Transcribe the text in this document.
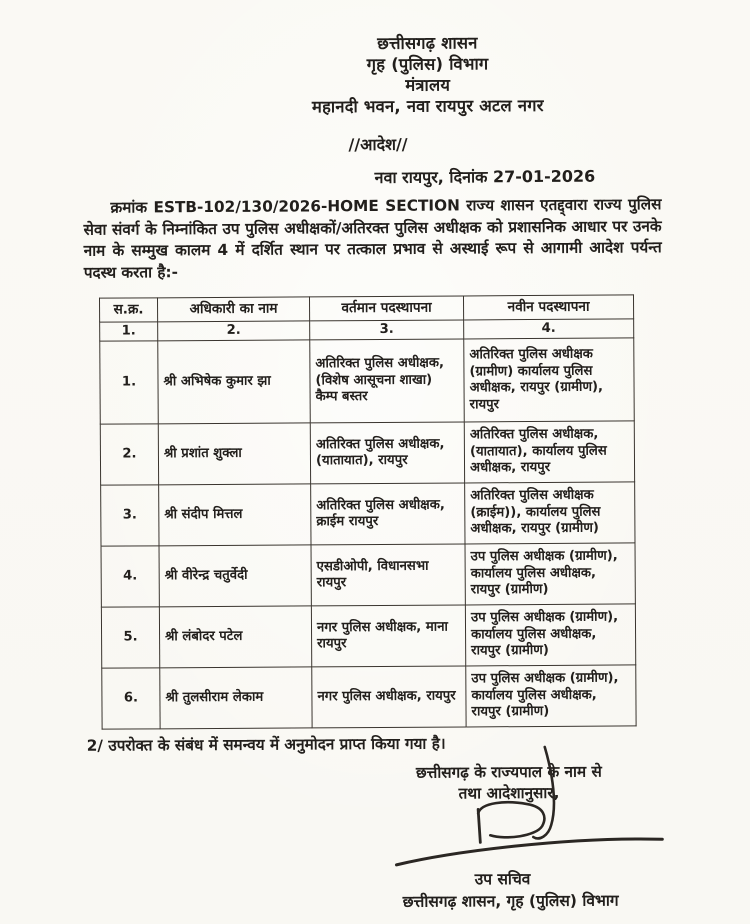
छत्तीसगढ़ शासन
गृह (पुलिस) विभाग
मंत्रालय
महानदी भवन, नवा रायपुर अटल नगर
//आदेश//
नवा रायपुर, दिनांक 27-01-2026
क्रमांक ESTB-102/130/2026-HOME SECTION राज्य शासन एतद्द्वारा राज्य पुलिस सेवा संवर्ग के निम्नांकित उप पुलिस अधीक्षकों/अतिरक्त पुलिस अधीक्षक को प्रशासनिक आधार पर उनके नाम के सम्मुख कालम 4 में दर्शित स्थान पर तत्काल प्रभाव से अस्थाई रूप से आगामी आदेश पर्यन्त पदस्थ करता है:-
स.क्र.	अधिकारी का नाम	वर्तमान पदस्थापना	नवीन पदस्थापना
1.	2.	3.	4.
1.	श्री अभिषेक कुमार झा	अतिरिक्त पुलिस अधीक्षक, (विशेष आसूचना शाखा) कैम्प बस्तर	अतिरिक्त पुलिस अधीक्षक (ग्रामीण) कार्यालय पुलिस अधीक्षक, रायपुर (ग्रामीण), रायपुर
2.	श्री प्रशांत शुक्ला	अतिरिक्त पुलिस अधीक्षक, (यातायात), रायपुर	अतिरिक्त पुलिस अधीक्षक, (यातायात), कार्यालय पुलिस अधीक्षक, रायपुर
3.	श्री संदीप मित्तल	अतिरिक्त पुलिस अधीक्षक, क्राईम रायपुर	अतिरिक्त पुलिस अधीक्षक (क्राईम)), कार्यालय पुलिस अधीक्षक, रायपुर (ग्रामीण)
4.	श्री वीरेन्द्र चतुर्वेदी	एसडीओपी, विधानसभा रायपुर	उप पुलिस अधीक्षक (ग्रामीण), कार्यालय पुलिस अधीक्षक, रायपुर (ग्रामीण)
5.	श्री लंबोदर पटेल	नगर पुलिस अधीक्षक, माना रायपुर	उप पुलिस अधीक्षक (ग्रामीण), कार्यालय पुलिस अधीक्षक, रायपुर (ग्रामीण)
6.	श्री तुलसीराम लेकाम	नगर पुलिस अधीक्षक, रायपुर	उप पुलिस अधीक्षक (ग्रामीण), कार्यालय पुलिस अधीक्षक, रायपुर (ग्रामीण)
2/ उपरोक्त के संबंध में समन्वय में अनुमोदन प्राप्त किया गया है।
छत्तीसगढ़ के राज्यपाल के नाम से
तथा आदेशानुसार,
उप सचिव
छत्तीसगढ़ शासन, गृह (पुलिस) विभाग
